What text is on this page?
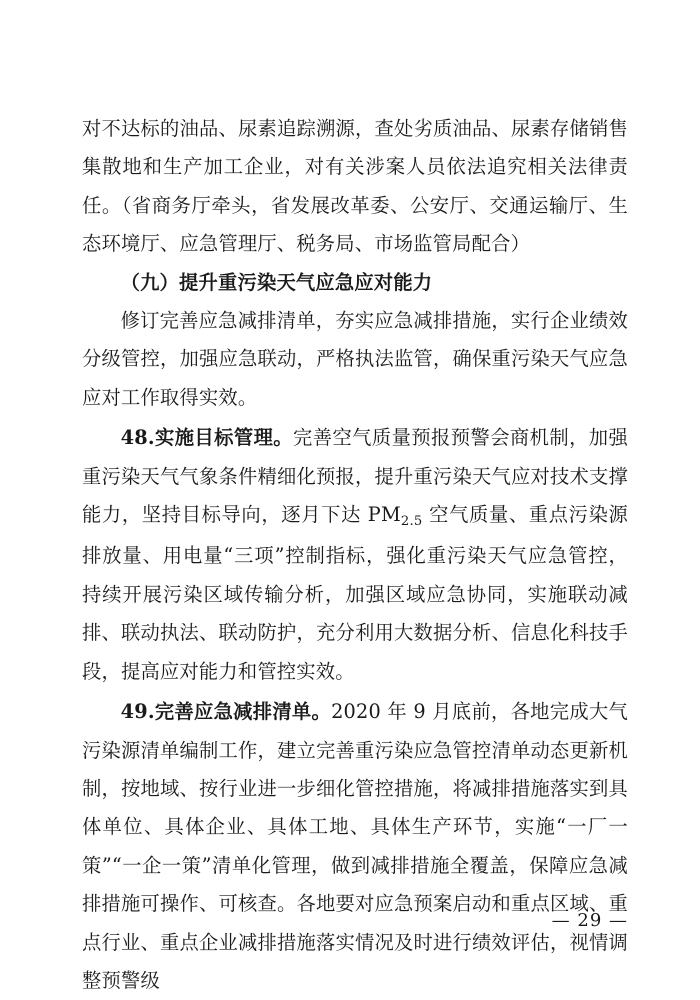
对不达标的油品、尿素追踪溯源，查处劣质油品、尿素存储销售集散地和生产加工企业，对有关涉案人员依法追究相关法律责任。（省商务厅牵头，省发展改革委、公安厅、交通运输厅、生态环境厅、应急管理厅、税务局、市场监管局配合）

（九）提升重污染天气应急应对能力

修订完善应急减排清单，夯实应急减排措施，实行企业绩效分级管控，加强应急联动，严格执法监管，确保重污染天气应急应对工作取得实效。

48.实施目标管理。完善空气质量预报预警会商机制，加强重污染天气气象条件精细化预报，提升重污染天气应对技术支撑能力，坚持目标导向，逐月下达 $PM_{2.5}$ 空气质量、重点污染源排放量、用电量“三项”控制指标，强化重污染天气应急管控，持续开展污染区域传输分析，加强区域应急协同，实施联动减排、联动执法、联动防护，充分利用大数据分析、信息化科技手段，提高应对能力和管控实效。

49.完善应急减排清单。2020 年 9 月底前，各地完成大气污染源清单编制工作，建立完善重污染应急管控清单动态更新机制，按地域、按行业进一步细化管控措施，将减排措施落实到具体单位、具体企业、具体工地、具体生产环节，实施“一厂一策”“一企一策”清单化管理，做到减排措施全覆盖，保障应急减排措施可操作、可核查。各地要对应急预案启动和重点区域、重点行业、重点企业减排措施落实情况及时进行绩效评估，视情调整预警级

— 29 —
